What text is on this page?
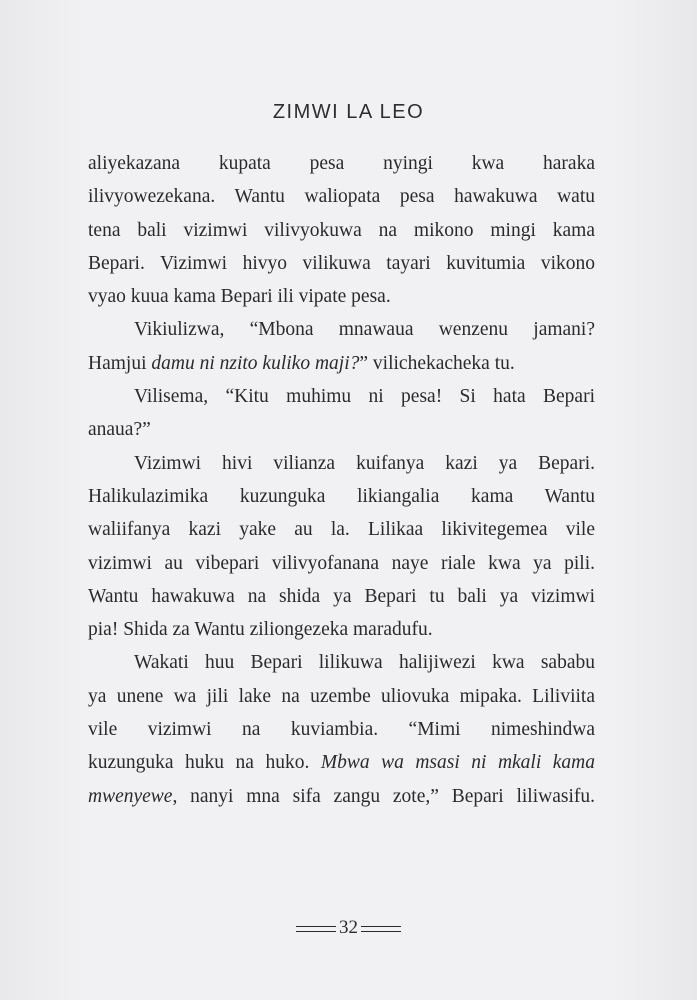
ZIMWI LA LEO
aliyekazana kupata pesa nyingi kwa haraka
ilivyowezekana. Wantu waliopata pesa hawakuwa watu
tena bali vizimwi vilivyokuwa na mikono mingi kama
Bepari. Vizimwi hivyo vilikuwa tayari kuvitumia vikono
vyao kuua kama Bepari ili vipate pesa.
Vikiulizwa, “Mbona mnawaua wenzenu jamani?
Hamjui damu ni nzito kuliko maji?” vilichekacheka tu.
Vilisema, “Kitu muhimu ni pesa! Si hata Bepari
anaua?”
Vizimwi hivi vilianza kuifanya kazi ya Bepari.
Halikulazimika kuzunguka likiangalia kama Wantu
waliifanya kazi yake au la. Lilikaa likivitegemea vile
vizimwi au vibepari vilivyofanana naye riale kwa ya pili.
Wantu hawakuwa na shida ya Bepari tu bali ya vizimwi
pia! Shida za Wantu ziliongezeka maradufu.
Wakati huu Bepari lilikuwa halijiwezi kwa sababu
ya unene wa jili lake na uzembe uliovuka mipaka. Liliviita
vile vizimwi na kuviambia. “Mimi nimeshindwa
kuzunguka huku na huko. Mbwa wa msasi ni mkali kama
mwenyewe, nanyi mna sifa zangu zote,” Bepari liliwasifu.
32
